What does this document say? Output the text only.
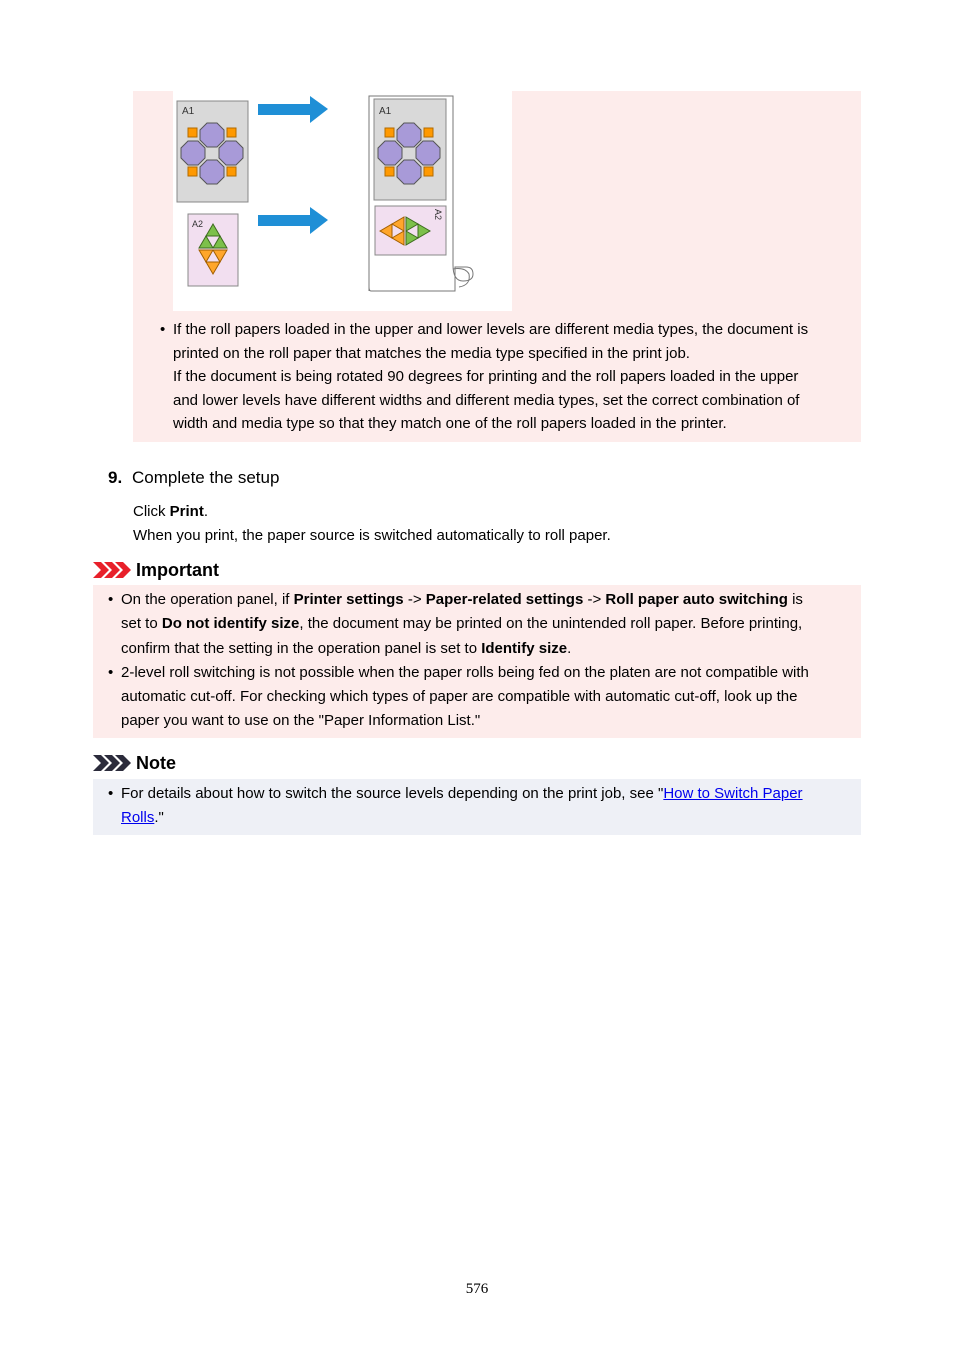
A1
A2
A1
A2
• If the roll papers loaded in the upper and lower levels are different media types, the document is
printed on the roll paper that matches the media type specified in the print job.
If the document is being rotated 90 degrees for printing and the roll papers loaded in the upper
and lower levels have different widths and different media types, set the correct combination of
width and media type so that they match one of the roll papers loaded in the printer.
9. Complete the setup
Click Print.
When you print, the paper source is switched automatically to roll paper.
Important
• On the operation panel, if Printer settings -> Paper-related settings -> Roll paper auto switching is
set to Do not identify size, the document may be printed on the unintended roll paper. Before printing,
confirm that the setting in the operation panel is set to Identify size.
• 2-level roll switching is not possible when the paper rolls being fed on the platen are not compatible with
automatic cut-off. For checking which types of paper are compatible with automatic cut-off, look up the
paper you want to use on the "Paper Information List."
Note
• For details about how to switch the source levels depending on the print job, see "How to Switch Paper
Rolls."
576
